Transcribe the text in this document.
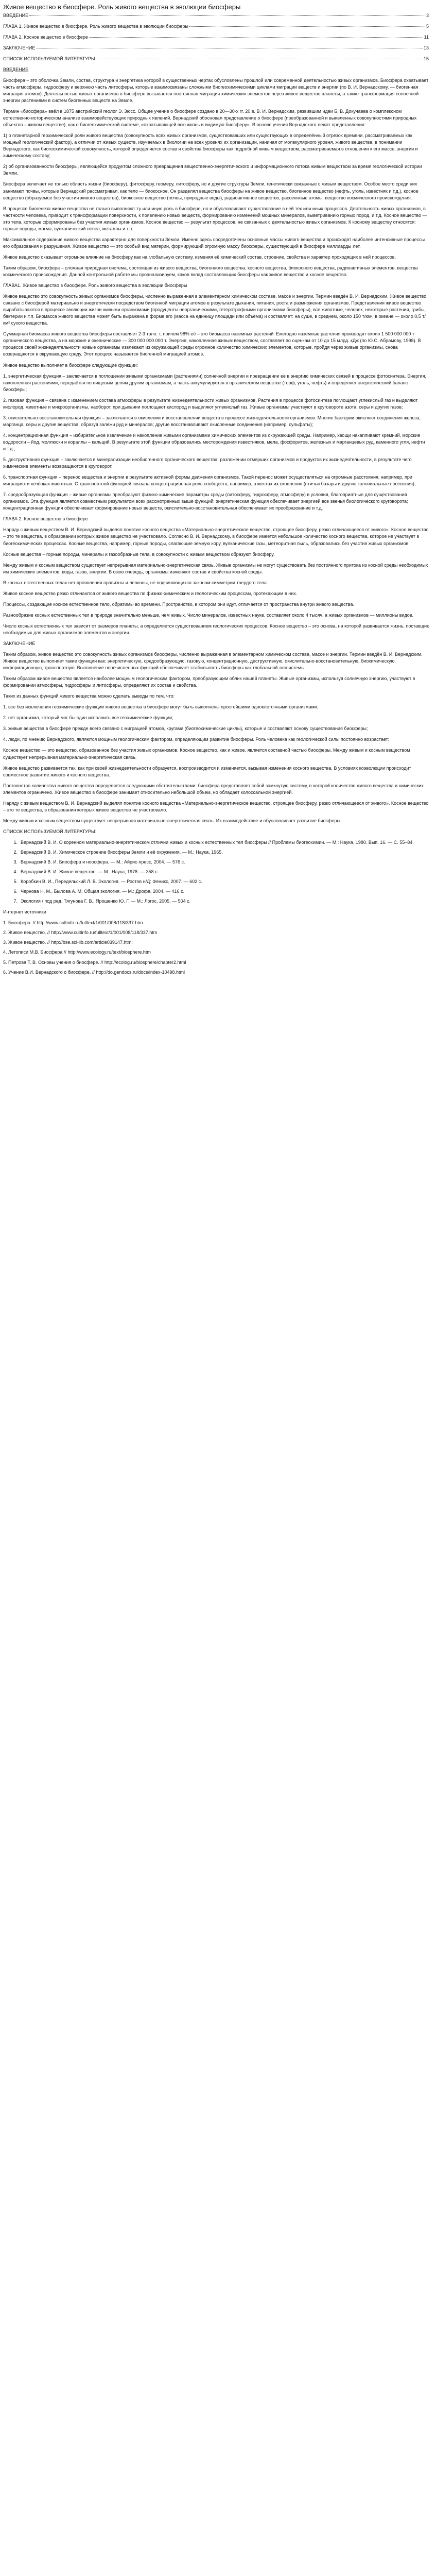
Живое вещество в биосфере. Роль живого вещества в эволюции биосферы
ВВЕДЕНИЕ	3
ГЛАВА 1. Живое вещество в биосфере. Роль живого вещества в эволюции биосферы	5
ГЛАВА 2. Косное вещество в биосфере	11
ЗАКЛЮЧЕНИЕ	13
СПИСОК ИСПОЛЬЗУЕМОЙ ЛИТЕРАТУРЫ	15

ВВЕДЕНИЕ

Биосфера – это оболочка Земли, состав, структура и энергетика которой в существенных чертах обусловлены прошлой или современной деятельностью живых организмов. Биосфера охватывает часть атмосферы, гидросферу и верхнюю часть литосферы, которые взаимосвязаны сложными биогеохимическими циклами миграции веществ и энергии (по В. И. Вернадскому, — биогенная миграция атомов). Деятельностью живых организмов в биосфере вызывается постоянная миграция химических элементов через живое вещество планеты, а также трансформация солнечной энергии растениями в систем биогенных веществ на Земле.

Термин «биосфера» ввёл в 1875 австрийский геолог Э. Зюсс. Общее учение о биосфере создано в 20—30-х гг. 20 в. В. И. Вернадским, развившим идеи Б. В. Докучаева о комплексном естественно-историческом анализе взаимодействующих природных явлений. Вернадский обосновал представление о биосфере (преобразованной и выявленных совокупностями природных объектов – живом веществе), как о биогеохимической системе, «охватывающей всю жизнь и видимую биосферу». В основе учения Вернадского лежат представления:

1) о планетарной геохимической роли живого вещества (совокупность всех живых организмов, существовавших или существующих в определённый отрезок времени, рассматриваемых как мощный геологический фактор), а отличии от живых существ, изучаемых в биологии на всех уровнях их организации, начиная от молекулярного уровня, живого вещества, в понимании Вернадского, как биогеохимической совокупность, которой определяется состав и свойства биосферы как подробной живым веществом, рассматриваемая в отношении к его массе, энергии и химическому составу;

2) об организованности биосферы, являющейся продуктом сложного превращения вещественно-энергетического и информационного потока живым веществом за время геологической истории Земли.

Биосфера включает не только область жизни (биосферу), фитосферу, геомеру, литосферу, но и другие структуры Земли, генетически связанные с живым веществом. Особое место среди них занимают почвы, которые Вернадский рассматривал, как тело — биокосное. Он разделял вещества биосферы на живое вещество, биогенное вещество (нефть, уголь, известняк и т.д.), косное вещество (образуемое без участия живого вещества), биокосное вещество (почвы, природные воды), радиоактивное вещество, рассеянные атомы, вещество космического происхождения.

В процессе биогенеза живые вещества не только выполняют ту или иную роль в биосфере, но и обусловливают существование в ней тех или иных процессов. Деятельность живых организмов, в частности человека, приводит к трансформации поверхности, к появлению новых веществ, формированию изменений мощных минералов, выветриванию горных пород, и т.д. Косное вещество — это тела, которые сформированы без участия живых организмов. Косное вещество — результат процессов, не связанных с деятельностью живых организмов. К косному веществу относятся: горные породы, магма, вулканический пепел, металлы и т.п.

Максимальное содержание живого вещества характерно для поверхности Земли. Именно здесь сосредоточены основные массы живого вещества и происходят наиболее интенсивные процессы его образования и разрушения. Живое вещество — это особый вид материи, формирующий огромную массу биосферы, существующий в биосфере миллиарды лет.

Живое вещество оказывает огромное влияние на биосферу как на глобальную систему, изменяя её химический состав, строение, свойства и характер проходящих в ней процессов.

Таким образом, биосфера – сложная природная система, состоящая из живого вещества, биогенного вещества, косного вещества, биокосного вещества, радиоактивных элементов, вещества космического происхождения. Данной контрольной работе мы проанализируем, каков вклад составляющих биосферы как живое вещество и косное вещество.

ГЛАВА1. Живое вещество в биосфере. Роль живого вещества в эволюции биосферы

Живое вещество это совокупность живых организмов биосферы, численно выраженная в элементарном химическом составе, массе и энергии. Термин введён В. И. Вернадским. Живое вещество связано с биосферой материально и энергетически посредством биогенной миграции атомов в результате дыхания, питания, роста и размножения организмов. Представления живое вещество вырабатываются в процессе эволюции жизни живыми организмами (продуценты неорганическими, гетеротрофными организмами биосферы), все животные, человек, некоторые растения, грибы, бактерии и т.п. Биомасса живого вещества может быть выражена в форме его (масса на единицу площади или объёма) и составляет: на суше, в среднем, около 150 т/км², в океане — около 0,5 т/км² сухого вещества.

Суммарная биомасса живого вещества биосферы составляет 2-3 трлн. т, причем 98% её – это биомасса наземных растений. Ежегодно наземные растения производят около 1 500 000 000 т органического вещества, а на морские и океанические — 300 000 000 000 т. Энергия, накопленная живым веществом, составляет по оценкам от 10 до 15 млрд. кДж (по Ю.С. Абрамову, 1998). В процессе своей жизнедеятельности живые организмы извлекают из окружающей среды огромное количество химических элементов, которые, пройдя через живые организмы, снова возвращаются в окружающую среду. Этот процесс называется биогенной миграцией атомов.

Живое вещество выполняет в биосфере следующие функции:

1. энергетическая функция – заключается в поглощении живыми организмами (растениями) солнечной энергии и превращении её в энергию химических связей в процессе фотосинтеза. Энергия, накопленная растениями, передаётся по пищевым цепям другим организмам, а часть аккумулируется в органическом веществе (торф, уголь, нефть) и определяет энергетический баланс биосферы;

2. газовая функция – связана с изменением состава атмосферы в результате жизнедеятельности живых организмов. Растения в процессе фотосинтеза поглощают углекислый газ и выделяют кислород, животные и микроорганизмы, наоборот, при дыхании поглощают кислород и выделяют углекислый газ. Живые организмы участвуют в круговороте азота, серы и других газов;

3. окислительно-восстановительная функция – заключается в окислении и восстановлении веществ в процессе жизнедеятельности организмов. Многие бактерии окисляют соединения железа, марганца, серы и другие вещества, образуя залежи руд и минералов; другие восстанавливают окисленные соединения (например, сульфаты);

4. концентрационная функция – избирательное извлечение и накопление живыми организмами химических элементов из окружающей среды. Например, хвощи накапливают кремний, морские водоросли – йод, моллюски и кораллы – кальций. В результате этой функции образовались месторождения известняков, мела, фосфоритов, железных и марганцевых руд, каменного угля, нефти и т.д.;

5. деструктивная функция – заключается в минерализации необиогенного органического вещества, разложении отмерших организмов и продуктов их жизнедеятельности, в результате чего химические элементы возвращаются в круговорот.

6. транспортная функция – перенос вещества и энергии в результате активной формы движения организмов. Такой перенос может осуществляться на огромные расстояния, например, при миграциях и кочёвках животных. С транспортной функцией связана концентрационная роль сообществ, например, в местах их скопления (птичьи базары и другие колониальные поселения);

7. средообразующая функция – живые организмы преобразуют физико-химические параметры среды (литосферу, гидросферу, атмосферу) в условия, благоприятные для существования организмов. Эта функция является совместным результатом всех рассмотренных выше функций: энергетическая функция обеспечивает энергией все звенья биологического круговорота; концентрационная функция обеспечивает формирование новых веществ, окислительно-восстановительная обеспечивает их преобразование и т.д.

ГЛАВА 2. Косное вещество в биосфере

Наряду с живым веществом В. И. Вернадский выделял понятие косного вещества «Материально-энергетическое вещество, строящее биосферу, резко отличающееся от живого». Косное вещество – это те вещества, в образовании которых живое вещество не участвовало. Согласно В. И. Вернадскому, в биосфере имеется небольшое количество косного вещества, которое не участвует в биогеохимических процессах. Косные вещества, например, горные породы, слагающие земную кору, вулканические газы, метеоритная пыль, образовались без участия живых организмов.

Косные вещества – горные породы, минералы и газообразные тела, в совокупности с живым веществом образуют биосферу.

Между живым и косным веществом существует непрерывная материально-энергетическая связь. Живые организмы не могут существовать без постоянного притока из косной среды необходимых им химических элементов, воды, газов, энергии. В свою очередь, организмы изменяют состав и свойства косной среды.

В косных естественных телах нет проявления правизны и левизны, не подчиняющихся законам симметрии твердого тела.

Живое косное вещество резко отличаются от живого вещества по физико-химическим и геологическим процессам, протекающим в них.

Процессы, создающие косное естественное тело, обратимы во времени. Пространство, в котором они идут, отличается от пространства внутри живого вещества.

Разнообразие косных естественных тел в природе значительно меньше, чем живых. Число минералов, известных науке, составляет около 4 тысяч, а живых организмов — миллионы видов.

Число косных естественных тел зависит от размеров планеты, а определяется существованием геологических процессов. Косное вещество – это основа, на которой развивается жизнь, поставщик необходимых для живых организмов элементов и энергии.

ЗАКЛЮЧЕНИЕ

Таким образом, живое вещество это совокупность живых организмов биосферы, численно выраженная в элементарном химическом составе, массе и энергии. Термин введён В. И. Вернадским. Живое вещество выполняет такие функции как: энергетическую, средообразующую, газовую, концентрационную, деструктивную, окислительно-восстановительную, биохимическую, информационную, транспортную. Выполнение перечисленных функций обеспечивает стабильность биосферы как глобальной экосистемы.

Таким образом живое вещество является наиболее мощным геологическим фактором, преобразующим облик нашей планеты. Живые организмы, используя солнечную энергию, участвуют в формировании атмосферы, гидросферы и литосферы, определяют их состав и свойства.

Таких из данных функций живого вещества можно сделать выводы по тем, что:

1. все без исключения геохимические функции живого вещества в биосфере могут быть выполнены простейшими одноклеточными организмами;

2. нет организма, который мог бы один исполнить все геохимические функции;

3. живые вещества в биосфере прежде всего связано с миграцией атомов, кругами (биогеохимические циклы), которые и составляют основу существования биосферы;

4. люди, по мнению Вернадского, являются мощным геологическим фактором, определяющим развитие биосферы. Роль человека как геологической силы постоянно возрастает;

Косное вещество — это вещество, образованное без участия живых организмов. Косное вещество, как и живое, является составной частью биосферы. Между живым и косным веществом существует непрерывная материально-энергетическая связь.

Живое вещество развивается так, как при своей жизнедеятельности образуется, воспроизводится и изменяется, вызывая изменения косного вещества. В условиях коэволюции происходит совместное развитие живого и косного вещества.

Постоянство количества живого вещества определяется следующими обстоятельствами: биосфера представляет собой замкнутую систему, в которой количество живого вещества и химических элементов ограничено. Живое вещество в биосфере занимает относительно небольшой объем, но обладает колоссальной энергией.

Наряду с живым веществом В. И. Вернадский выделял понятие косного вещества «Материально-энергетическое вещество, строящее биосферу, резко отличающееся от живого». Косное вещество – это те вещества, в образовании которых живое вещество не участвовало.

Между живым и косным веществом существует непрерывная материально-энергетическая связь. Их взаимодействие и обусловливает развитие биосферы.

СПИСОК ИСПОЛЬЗУЕМОЙ ЛИТЕРАТУРЫ:

1. Вернадский В. И. О коренном материально-энергетическом отличии живых и косных естественных тел биосферы // Проблемы биогеохимии. — М.: Наука, 1980. Вып. 16. — С. 55–84.
2. Вернадский В. И. Химическое строение биосферы Земли и её окружения. — М.: Наука, 1965.
3. Вернадский В. И. Биосфера и ноосфера. — М.: Айрис-пресс, 2004. — 576 с.
4. Вернадский В. И. Живое вещество. — М.: Наука, 1978. — 358 с.
5. Коробкин В. И., Передельский Л. В. Экология. — Ростов н/Д: Феникс, 2007. — 602 с.
6. Чернова Н. М., Былова А. М. Общая экология. — М.: Дрофа, 2004. — 416 с.
7. Экология / под ред. Тягунова Г. В., Ярошенко Ю. Г. — М.: Логос, 2005. — 504 с.

Интернет источники

1. Биосфера. // http://www.cultinfo.ru/fulltext/1/001/008/118/337.htm

2. Живое вещество. // http://www.cultinfo.ru/fulltext/1/001/008/118/337.htm

3. Живое вещество. // http://bse.sci-lib.com/article039147.html

4. Летописи М.В. Биосфера // http://www.ecology.ru/text/biosphere.htm

5. Петрова Т. В. Основы учения о биосфере. // http://ecolog.ru/biosphere/chapter2.html

6. Учение В.И. Вернадского о биосфере. // http://do.gendocs.ru/docs/index-10498.html
